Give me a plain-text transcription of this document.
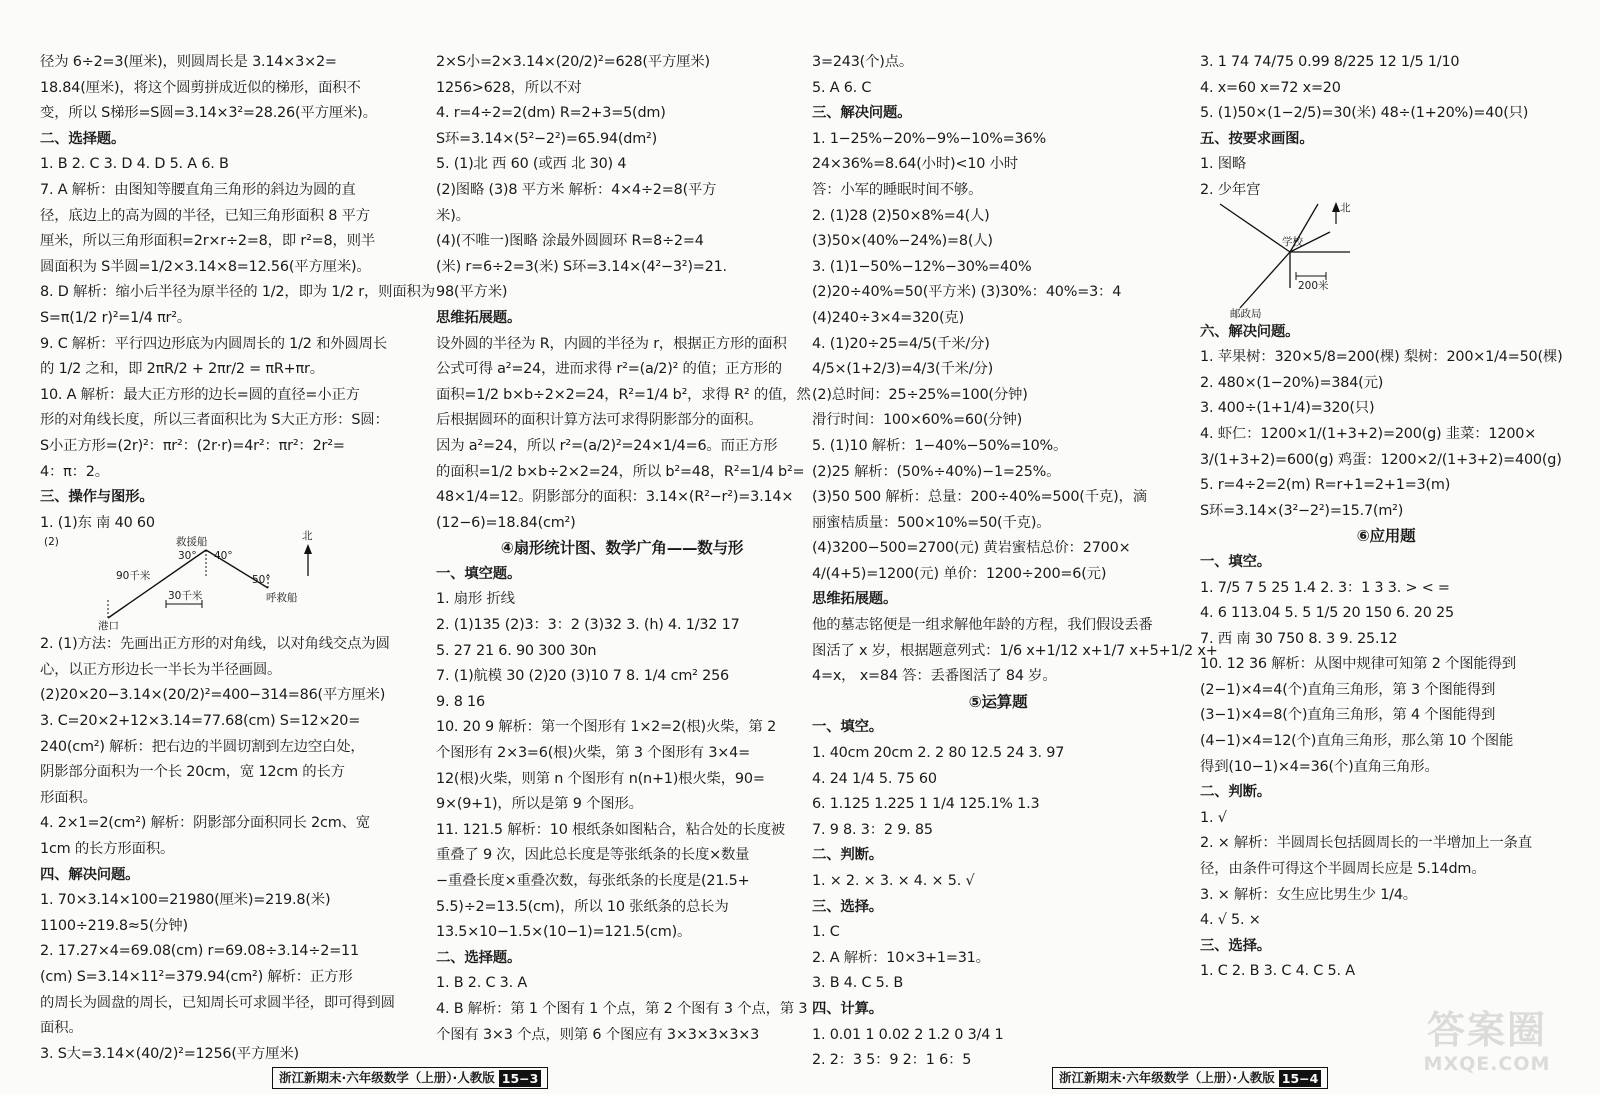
径为 6÷2=3(厘米)，则圆周长是 3.14×3×2=
18.84(厘米)，将这个圆剪拼成近似的梯形，面积不
变，所以 S梯形=S圆=3.14×3²=28.26(平方厘米)。
二、选择题。
1. B 2. C 3. D 4. D 5. A 6. B
7. A 解析：由图知等腰直角三角形的斜边为圆的直
径，底边上的高为圆的半径，已知三角形面积 8 平方
厘米，所以三角形面积=2r×r÷2=8，即 r²=8，则半
圆面积为 S半圆=1/2×3.14×8=12.56(平方厘米)。
8. D 解析：缩小后半径为原半径的 1/2，即为 1/2 r，则面积为
S=π(1/2 r)²=1/4 πr²。
9. C 解析：平行四边形底为内圆周长的 1/2 和外圆周长
的 1/2 之和，即 2πR/2 + 2πr/2 = πR+πr。
10. A 解析：最大正方形的边长=圆的直径=小正方
形的对角线长度，所以三者面积比为 S大正方形：S圆：
S小正方形=(2r)²：πr²：(2r·r)=4r²：πr²：2r²=
4：π：2。
三、操作与图形。
1. (1)东 南 40 60
(2)	救援船
30° 40°
90千米	50°
港口
30千米	呼救船
北
2. (1)方法：先画出正方形的对角线，以对角线交点为圆
心，以正方形边长一半长为半径画圆。
(2)20×20−3.14×(20/2)²=400−314=86(平方厘米)
3. C=20×2+12×3.14=77.68(cm) S=12×20=
240(cm²) 解析：把右边的半圆切割到左边空白处，
阴影部分面积为一个长 20cm，宽 12cm 的长方
形面积。
4. 2×1=2(cm²) 解析：阴影部分面积同长 2cm、宽
1cm 的长方形面积。
四、解决问题。
1. 70×3.14×100=21980(厘米)=219.8(米)
1100÷219.8≈5(分钟)
2. 17.27×4=69.08(cm) r=69.08÷3.14÷2=11
(cm) S=3.14×11²=379.94(cm²) 解析：正方形
的周长为圆盘的周长，已知周长可求圆半径，即可得到圆
面积。
3. S大=3.14×(40/2)²=1256(平方厘米)
2×S小=2×3.14×(20/2)²=628(平方厘米)
1256>628，所以不对
4. r=4÷2=2(dm) R=2+3=5(dm)
S环=3.14×(5²−2²)=65.94(dm²)
5. (1)北 西 60 (或西 北 30) 4
(2)图略 (3)8 平方米 解析：4×4÷2=8(平方
米)。
(4)(不唯一)图略 涂最外圆圆环 R=8÷2=4
(米) r=6÷2=3(米) S环=3.14×(4²−3²)=21.
98(平方米)
思维拓展题。
设外圆的半径为 R，内圆的半径为 r，根据正方形的面积
公式可得 a²=24，进而求得 r²=(a/2)² 的值；正方形的
面积=1/2 b×b÷2×2=24，R²=1/4 b²，求得 R² 的值，然
后根据圆环的面积计算方法可求得阴影部分的面积。
因为 a²=24，所以 r²=(a/2)²=24×1/4=6。而正方形
的面积=1/2 b×b÷2×2=24，所以 b²=48，R²=1/4 b²=
48×1/4=12。阴影部分的面积：3.14×(R²−r²)=3.14×
(12−6)=18.84(cm²)
④扇形统计图、数学广角——数与形
一、填空题。
1. 扇形 折线
2. (1)135 (2)3：3：2 (3)32 3. (h) 4. 1/32 17
5. 27 21 6. 90 300 30n
7. (1)航模 30 (2)20 (3)10 7 8. 1/4 cm² 256
9. 8 16
10. 20 9 解析：第一个图形有 1×2=2(根)火柴，第 2
个图形有 2×3=6(根)火柴，第 3 个图形有 3×4=
12(根)火柴，则第 n 个图形有 n(n+1)根火柴，90=
9×(9+1)，所以是第 9 个图形。
11. 121.5 解析：10 根纸条如图粘合，粘合处的长度被
重叠了 9 次，因此总长度是等张纸条的长度×数量
−重叠长度×重叠次数，每张纸条的长度是(21.5+
5.5)÷2=13.5(cm)，所以 10 张纸条的总长为
13.5×10−1.5×(10−1)=121.5(cm)。
二、选择题。
1. B 2. C 3. A
4. B 解析：第 1 个图有 1 个点，第 2 个图有 3 个点，第 3
个图有 3×3 个点，则第 6 个图应有 3×3×3×3×3
3=243(个)点。
5. A 6. C
三、解决问题。
1. 1−25%−20%−9%−10%=36%
24×36%=8.64(小时)<10 小时
答：小军的睡眠时间不够。
2. (1)28 (2)50×8%=4(人)
(3)50×(40%−24%)=8(人)
3. (1)1−50%−12%−30%=40%
(2)20÷40%=50(平方米) (3)30%：40%=3：4
(4)240÷3×4=320(克)
4. (1)20÷25=4/5(千米/分)
4/5×(1+2/3)=4/3(千米/分)
(2)总时间：25÷25%=100(分钟)
滑行时间：100×60%=60(分钟)
5. (1)10 解析：1−40%−50%=10%。
(2)25 解析：(50%÷40%)−1=25%。
(3)50 500 解析：总量：200÷40%=500(千克)，滴
丽蜜桔质量：500×10%=50(千克)。
(4)3200−500=2700(元) 黄岩蜜桔总价：2700×
4/(4+5)=1200(元) 单价：1200÷200=6(元)
思维拓展题。
他的墓志铭便是一组求解他年龄的方程，我们假设丢番
图活了 x 岁，根据题意列式：1/6 x+1/12 x+1/7 x+5+1/2 x+
4=x， x=84 答：丢番图活了 84 岁。
⑤运算题
一、填空。
1. 40cm 20cm 2. 2 80 12.5 24 3. 97
4. 24 1/4 5. 75 60
6. 1.125 1.225 1 1/4 125.1% 1.3
7. 9 8. 3：2 9. 85
二、判断。
1. × 2. × 3. × 4. × 5. √
三、选择。
1. C
2. A 解析：10×3+1=31。
3. B 4. C 5. B
四、计算。
1. 0.01 1 0.02 2 1.2 0 3/4 1
2. 2：3 5：9 2：1 6：5
3. 1 74 74/75 0.99 8/225 12 1/5 1/10
4. x=60 x=72 x=20
5. (1)50×(1−2/5)=30(米) 48÷(1+20%)=40(只)
五、按要求画图。
1. 图略
2. 少年宫
北
学校
200米
邮政局
六、解决问题。
1. 苹果树：320×5/8=200(棵) 梨树：200×1/4=50(棵)
2. 480×(1−20%)=384(元)
3. 400÷(1+1/4)=320(只)
4. 虾仁：1200×1/(1+3+2)=200(g) 韭菜：1200×
3/(1+3+2)=600(g) 鸡蛋：1200×2/(1+3+2)=400(g)
5. r=4÷2=2(m) R=r+1=2+1=3(m)
S环=3.14×(3²−2²)=15.7(m²)
⑥应用题
一、填空。
1. 7/5 7 5 25 1.4 2. 3：1 3 3. > < =
4. 6 113.04 5. 5 1/5 20 150 6. 20 25
7. 西 南 30 750 8. 3 9. 25.12
10. 12 36 解析：从图中规律可知第 2 个图能得到
(2−1)×4=4(个)直角三角形，第 3 个图能得到
(3−1)×4=8(个)直角三角形，第 4 个图能得到
(4−1)×4=12(个)直角三角形，那么第 10 个图能
得到(10−1)×4=36(个)直角三角形。
二、判断。
1. √
2. × 解析：半圆周长包括圆周长的一半增加上一条直
径，由条件可得这个半圆周长应是 5.14dm。
3. × 解析：女生应比男生少 1/4。
4. √ 5. ×
三、选择。
1. C 2. B 3. C 4. C 5. A
浙江新期末·六年级数学（上册）·人教版 15−3	浙江新期末·六年级数学（上册）·人教版 15−4
答案圈
MXQE.COM
